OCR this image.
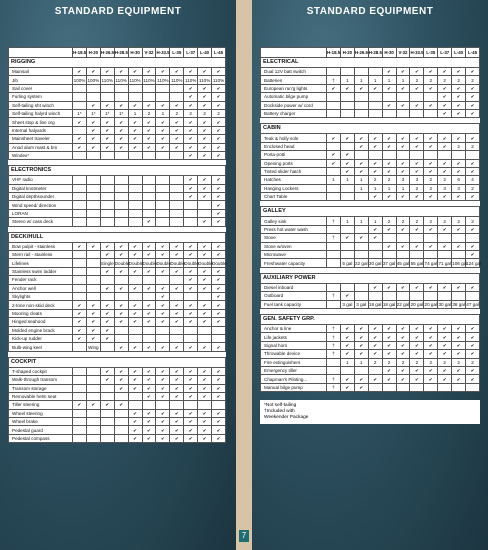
STANDARD EQUIPMENT
	H-18.5	H-20	H-26.5	H-28.5	H-30	V-32	H-33.5	L-35	L-37	L-40	L-45
RIGGING											
Mainsail	✔	✔	✔	✔	✔	✔	✔	✔	✔	✔	✔
Jib	100%	100%	110%	110%	110%	110%	110%	110%	110%	110%	110%
Sail cover									✔	✔	✔
Furling system									✔	✔	✔
Self-tailing sht winch		✔	✔	✔	✔	✔	✔	✔	✔	✔	✔
Self-tailing halyrd winch	1*	1*	1*	1*	1	2	1	2	2	2	2
Sheet stop & line org	✔	✔	✔	✔	✔	✔	✔	✔	✔	✔	✔
Internal halyards		✔	✔	✔	✔	✔	✔	✔	✔	✔	✔
Mainsheet traveler	✔	✔	✔	✔	✔	✔	✔	✔	✔	✔	✔
Anod alum mast & bm	✔	✔	✔	✔	✔	✔	✔	✔	✔	✔	✔
Windex*									✔	✔	✔

ELECTRONICS											
VHF radio									✔	✔	✔
Digital knotmeter									✔	✔	✔
Digital depthsounder									✔	✔	✔
Wind speed/ direction											✔
LORAN											✔
Stereo w/ cass deck						✔				✔	✔

DECK/HULL											
Bow pulpit - stainless	✔	✔	✔	✔	✔	✔	✔	✔	✔	✔	✔
Stern rail - stainless			✔	✔	✔	✔	✔	✔	✔	✔	✔
Lifelines			Single	Double	Double	Double	Double	Double	Double	Double	Double
Stainless swim ladder			✔	✔	✔	✔	✔	✔	✔	✔	✔
Fender rack									✔	✔	✔
Anchor well			✔	✔	✔	✔	✔	✔	✔	✔	✔
Skylights							✔				✔
2-tone non-skid deck	✔	✔	✔	✔	✔	✔	✔	✔	✔	✔	✔
Mooring cleats	✔	✔	✔	✔	✔	✔	✔	✔	✔	✔	✔
Hinged seahood	✔	✔	✔	✔	✔	✔	✔	✔	✔	✔	✔
Molded engine brack	✔	✔	✔								
Kick-up rudder	✔	✔	✔								
Bulb-wing keel		Wing		✔	✔	✔	✔	✔	✔	✔	✔

COCKPIT											
T-shaped cockpit			✔	✔	✔	✔	✔	✔	✔	✔	✔
Walk-through transom			✔	✔	✔	✔	✔	✔	✔	✔	✔
Transom storage				✔	✔	✔	✔	✔	✔	✔	✔
Removable helm seat						✔	✔	✔	✔	✔	✔
Tiller steering	✔	✔	✔	✔							
Wheel steering					✔	✔	✔	✔	✔	✔	✔
Wheel brake					✔	✔	✔	✔	✔	✔	✔
Pedestal guard					✔	✔	✔	✔	✔	✔	✔
Pedestal compass					✔	✔	✔	✔	✔	✔	✔
7
STANDARD EQUIPMENT
	H-18.5	H-20	H-26.5	H-28.5	H-30	V-32	H-33.5	L-35	L-37	L-40	L-45
ELECTRICAL											
Dual 12V batt switch					✔	✔	✔	✔	✔	✔	✔
Batteries	†	1	1	1	1	1	2	2	2	2	2
European run'g lights	✔	✔	✔	✔	✔	✔	✔	✔	✔	✔	✔
Automatic bilge pump									✔	✔	✔
Dockside power w/ cord					✔	✔	✔	✔	✔	✔	✔
Battery charger									✔	✔	✔

CABIN											
Teak & holly sole	✔	✔	✔	✔	✔	✔	✔	✔	✔	✔	✔
Enclosed head			✔	✔	✔	✔	✔	✔	✔	2	2
Porta-potti	✔	✔									
Opening ports	✔	✔	✔	✔	✔	✔	✔	✔	✔	✔	✔
Tinted slider hatch		✔	✔	✔	✔	✔	✔	✔	✔	✔	✔
Hatches	1	1	1	2	2	3	3	2	2	6	4
Hanging Lockers			1	1	1	1	2	2	3	3	2
Chart Table				✔	✔	✔	✔	✔	✔	✔	✔

GALLEY											
Galley sink	†	1	1	1	2	2	2	2	2	2	2
Press hot water wash				✔	✔	✔	✔	✔	✔	✔	✔
Stove	†	✔	✔	✔							
Stove w/oven					✔	✔	✔	✔	✔	✔	✔
Microwave											✔
Freshwater capacity		5 gal	22 gal	30 gal	37 gal	45 gal	55 gal	74 gal	71 gal	106 gal	124 gal

AUXILIARY POWER											
Diesel inboard				✔	✔	✔	✔	✔	✔	✔	✔
Outboard	†	✔									
Fuel tank capacity		3 gal	3 gal	18 gal	18 gal	22 gal	20 gal	20 gal	30 gal	38 gal	47 gal

GEN. SAFETY GRP.											
Anchor & line	†	✔	✔	✔	✔	✔	✔	✔	✔	✔	✔
Life jackets	†	✔	✔	✔	✔	✔	✔	✔	✔	✔	✔
Signal horn	†	✔	✔	✔	✔	✔	✔	✔	✔	✔	✔
Throwable device	†	✔	✔	✔	✔	✔	✔	✔	✔	✔	✔
Fire extinguishers		1	1	2	2	2	2	2	2	2	2
Emergency tiller					✔	✔	✔	✔	✔	✔	✔
Chapman's Piloting...	†	✔	✔	✔	✔	✔	✔	✔	✔	✔	✔
Manual bilge pump	†	✔	✔								
*Not self-tailing
†Included with
Weekender Package
